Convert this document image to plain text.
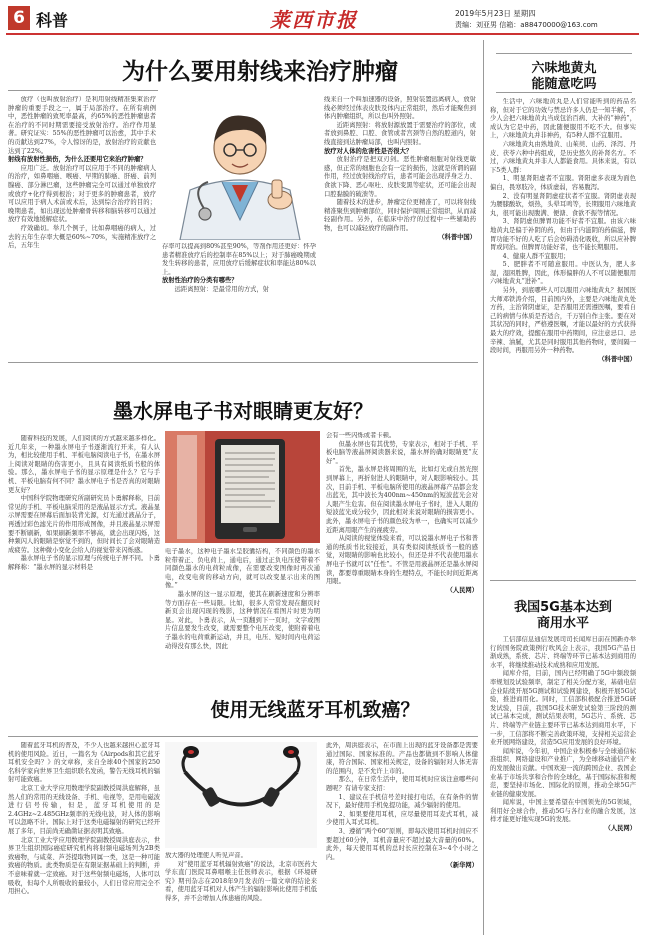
6 科普	莱西市报	2019年5月23日 星期四
责编：刘亚男 信箱：a88470000@163.com
为什么要用射线来治疗肿瘤

放疗（也叫放射治疗）是利用射线精准集束治疗肿瘤的重要手段之一，属于局部治疗。在所有病例中，恶性肿瘤的致死率最高，约65%的恶性肿瘤患者在治疗的不同时期需要接受放射治疗。治疗作用显著。研究证实：55%的恶性肿瘤可以治愈，其中手术的贡献达到27%，令人惊讶的是，放射治疗的贡献也达到了22%。

射线有放射性损伤，为什么还要用它来治疗肿瘤？

应用广泛。放射治疗可以应用于不同的肿瘤病人的治疗，如鼻咽癌、喉癌、早期的肺癌、肝癌、前列腺癌、部分淋巴瘤，这些肿瘤完全可以通过单独放疗或放疗+化疗得到根治；对于更多的肿瘤患者，放疗可以应用于病人术前或术后，达到综合治疗的目的；晚期患者，如出现远处肿瘤骨转移和脑转移可以通过放疗有效地缓解症状。

疗效确切。举几个例子，比如鼻咽癌的病人，过去的五年生存率大概是60%~70%，实施精准放疗之后，五年生	存率可以提高到80%甚至90%，等剂作用还更好：怀孕患者精准放疗后的控制率在85%以上；对于肺癌晚期或发生转移的患者，应用放疗后缓解症状和率能达80%以上。

放射性治疗的分类有哪些？

远距离照射：是最常用的方式，射

线来自一个叫加速器的设备，照射装置远离病人，放射线必须经过体表皮肤及体内正常组织，然后才能聚焦到体内肿瘤组织，所以也叫外照射。

近距离照射：将放射源放置于需要治疗的部位，或者放到鼻腔、口腔、食管或者宫颈等自然的腔道内，射线直接到达肿瘤局部，也叫内照射。

放疗对人体的危害性是否很大？

放射治疗是把双刃剑。恶性肿瘤细胞对射线更敏感，但正常的细胞也会有一定的损伤，这就是所谓的副作用，经过放射线治疗后，患者可能会出现浮身乏力、食欲下降、恶心呕吐、皮肤变黑等症状，还可能会出现口腔黏膜的破溃等。

随着技术的进步，肿瘤定位更精准了，可以将射线精准聚焦到肿瘤部位，同时保护周围正常组织，从而减轻副作用。另外，在临床中治疗的过程中一些辅助药物，也可以减轻放疗的副作用。

（科普中国）

六味地黄丸
能随意吃吗

生活中，六味地黄丸是人们常能听到的药品名称，但对于它的功效与禁忌许多人仍是一知半解，不少人会把六味地黄丸当成包治百病、大补的“神药”，成认为它是中药，因此随便服用不吃不大。但事实上，六味地黄丸并非神药，有5种人群不宜服用。

六味地黄丸由熟地黄、山茱萸、山药、泽泻、丹皮、茯苓六种中药组成，是历史悠久的补肾名方。不过，六味地黄丸并非人人都能食用。具体来说，有以下5类人群：

1、明显肾阳虚者不宜服。肾阳虚多表现为面色偏白，畏寒肢冷，体质虚弱，容易腹泻。

2、没有明显肾阴虚症状者不宜服。肾阴虚表现为腰膝酸软，烦热，头晕耳鸣等，长期服用六味地黄丸，很可能出现腹满、便溏、食欲不振等情况。

3、肾阴虚但脾胃功能不好者不宜服。由该六味地黄丸是偏于补阴的药，但由于内滋阴的药偏滋，脾胃功能不好的人吃了后会妨碍消化吸收，所以应补脾胃或同治。但脾胃功能好者，也不能长期服用。

4、健康人群不宜服用；

5、肥胖者不可随意服用。中医认为，肥人多湿，湿困胜脾，因此，体形偏胖的人不可以随便服用六味地黄丸“进补”。

另外，到底哪些人可以服用六味地黄丸？据国医大师邓铁涛介绍，目前国内外，主要是六味地黄丸处方药，主治肾阴虚证，是否服用还需遵医嘱，要看自己的病情与体质是否适合，千万别自作主张。要在对其状况的同时，严格遵医嘱，才能以最好的方式获得最大的疗效，提醒在服用中药期间，应注意忌口、忌辛辣、油腻，尤其是同时服用其他药物时，要间隔一段时间，再服用另外一种药物。

（科普中国）

墨水屏电子书对眼睛更友好？

随着科技的发展，人们阅读的方式越来越多样化。近几年来，一种墨水屏电子书逐渐流行开来，有人认为，相比较使用手机、平板电脑阅读电子书，在墨水屏上阅读对眼睛的伤害更小，且具有阅读纸质书般的体验。那么，墨水屏电子书的显示原理是什么？它与手机、平板电脑有何不同？墨水屏电子书是否真的对眼睛更友好？

中国科学院物理研究所副研究员卜勇解释称，目前常见的手机、平板电脑采用的是液晶显示方式。液晶显示屏需要在屏幕后面加装背光源，灯光通过液晶分子，再透过彩色滤光片的作用形成图像，并且液晶显示屏需要不断刷新，如果刷新频率不够高，就会出现闪烁，这种频闪人的眼睛是察觉不到的，但时间长了会对眼睛造成疲劳。这种微小变化会给人的视觉带来闪烁感。

墨水屏电子书的显示原理与传统电子屏不同。卜勇解释称：“墨水屏的显示材料是

电子墨水，这种电子墨水呈胶囊结构，不同颜色的墨水粒带着正、负电荷上，通电后，通过正负电压使带着不同颜色墨水的电荷粒成像，在需要改变图像时再次通电，改变电荷的移动方向，就可以改变显示出来的图像。”

墨水屏的这一显示原理，使其在刷新速度和分辨率等方面存在一些局限。比如，很多人常常发现在翻页时新页会出现闪现的残影，这种情况在看图片时更为明显。对此，卜勇表示，从一页翻到下一页时，文字或图片信息要发生改变，就需要整个电压改变，使附着着电子墨水的电荷重新运动，并且，电压、短时间内电荷运动得没有那么快，因此

会有一些闪烁或者卡顿。

但墨水屏也有其优势，专家表示，相对于手机、平板电脑等液晶屏阅读器来说，墨水屏的确对眼睛更“友好”。

首先，墨水屏是将周围的光，比如灯光或自然光照到屏幕上，再折射进人的眼睛中，对人眼影响较小。其次，目前手机、平板电脑所使用的液晶屏幕产品都会发出蓝光，其中波长为400nm~450nm的短波蓝光会对人眼产生危害。但在阅读墨水屏电子书时，进入人眼的短波蓝光成分较少，因此相对来说对眼睛的损害更小。此外，墨水屏电子书的颜色较为单一，也确实可以减少近距离用眼产生的视疲劳。

从阅读的视觉体验来看，可以说墨水屏电子书和普通的纸质书比较接近，具有类似阅读纸质书一般的感觉，对眼睛的影响也比较小，但还是并不代表使用墨水屏电子书就可以“任性”。不管是用液晶屏还是墨水屏阅读，都要尊重眼睛本身的生理特点，不能长时间近距离用眼。

（人民网）

我国5G基本达到
商用水平

工信部信息通信发展司司长闻库日前在国新办举行的国务院政策例行吹风会上表示，我国5G产品日渐成熟，系统、芯片、终端等环节已基本达到商用的水平，将继续推动技术成熟和应用发展。

闻库介绍，目前，国内已经明确了5G中频段频率规划及试验频率，制定了相关分配方案，基础电信企业陆续开展5G测试和试验网建设，积极开展5G试验，推进商用化。同时，工信部积极配合推进5G研发试验，目前，我国5G技术研发试验第三阶段的测试已基本完成，测试结果表明，5G芯片、系统、芯片、终端等产业链主要环节已基本达到商用水平，下一步，工信部将不断完善政策环境，支持相关运营企业开展网络建设，营造5G应用发展的良好环境。

闻库说，今年初，中国企业积极参与全球通信标准组织、网络建设和产业推广，为全球移动通信产业的发展做出贡献。中国欢迎一流的跨国企业、我国企业基于市场共享和合作的全球化，基于国际标准和规范，要坚持市场化、国际化的原则，推动全球5G产业链的健康发展。

闻库说，中国主要希望在中国领先的5G领域，利用好全球合作，推动5G与各行业的融合发展，这样才能更好地实现5G的发展。

（人民网）

随着蓝牙耳机的普及，不少人也越来越担心蓝牙耳机的使用风险。近日，一篇名为《Airpods和其它蓝牙耳机安全吗？》的文章称，来自全球40个国家的250名科学家向世界卫生组织联名发函，警告无线耳机的辐射可能致癌。

北京工业大学应用数理学院副教授周洪庭解释，虽然人们的常用的无线设备、手机、电视等，是用电磁波进行信号传输，但是，蓝牙耳机使用的是2.4GHz~2.485GHz频率的无线电波，对人体的影响可以忽略不计。国际上对于这类电磁辐射的研究已经开展了多年，目前尚无确凿证据表明其致癌。

北京工业大学应用数理学院副教授周洪庭表示，世界卫生组织国际癌症研究机构将射频电磁场列为2B类致癌物，与咸菜、芦荟提取物同属一类，这是一种可能致癌的物质。此类物质是在有限证据基础上的判断，并不意味着就一定致癌。对于这些射频电磁场，人体可以吸收，但每个人所吸收的量较小，人们日常应用完全不用担心。

使用无线蓝牙耳机致癌？

放大器的处理使人听见声音。

对“使用蓝牙耳机辐射致癌”的说法，北京市医药大学东直门医院耳鼻咽喉主任医师表示，根据《环境研究》期刊杂志在2018年9月发表的一篇文章的结论来看，使用蓝牙耳机对人体产生的辐射影响比使用手机低得多，并不会增加人体患癌的风险。

此外，周洪庭表示，在市面上出现的蓝牙设备都是需要通过国际、国家标准的。产品也都做到不影响人体健康，符合国际、国家相关规定，设备的辐射对人体无害的范围内，是不允许上市的。

那么，在日常生活中，使用耳机时应该注意哪些问题呢？有请专家支招：

1、建议在手机信号差时接打电话，在有条件的情况下，最好使用手机免提功能，减少辐射的使用。

2、如果要使用耳机，应尽量使用耳麦式耳机，减少使用入耳式耳机。

3、遵循“两个60”原则，即每次使用耳机时间应不要超过60分钟，耳机音量应不超过最大音量的60%。此外，每天使用耳机的总时长应控制在3~4个小时之内。

（新华网）
